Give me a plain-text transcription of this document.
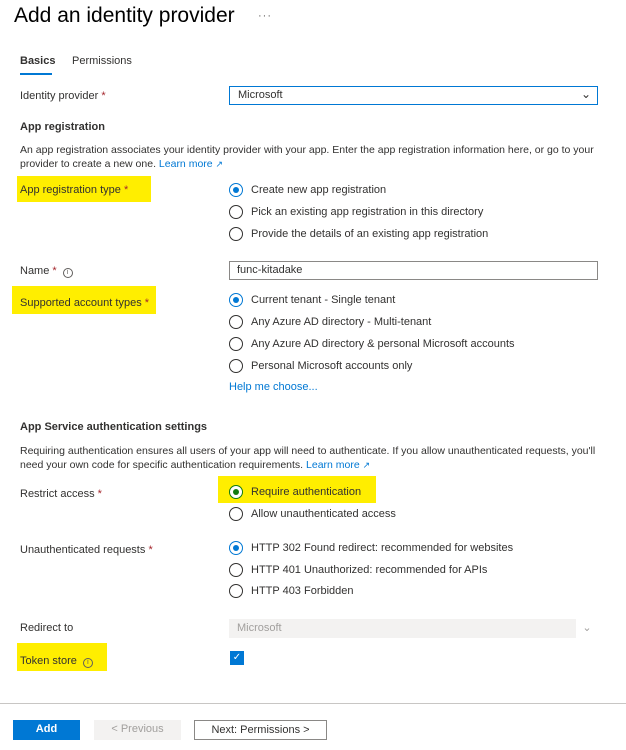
Add an identity provider ···
Basics Permissions
Identity provider *	Microsoft	⌄
App registration
An app registration associates your identity provider with your app. Enter the app registration information here, or go to your provider to create a new one. Learn more ↗
App registration type *	Create new app registration
Pick an existing app registration in this directory
Provide the details of an existing app registration
Name * i	func-kitadake
Supported account types *	Current tenant - Single tenant
Any Azure AD directory - Multi-tenant
Any Azure AD directory & personal Microsoft accounts
Personal Microsoft accounts only
Help me choose...
App Service authentication settings
Requiring authentication ensures all users of your app will need to authenticate. If you allow unauthenticated requests, you'll need your own code for specific authentication requirements. Learn more ↗
Restrict access *	Require authentication
Allow unauthenticated access
Unauthenticated requests *	HTTP 302 Found redirect: recommended for websites
HTTP 401 Unauthorized: recommended for APIs
HTTP 403 Forbidden
Redirect to	Microsoft	⌄
Token store i	✓
Add	< Previous	Next: Permissions >
